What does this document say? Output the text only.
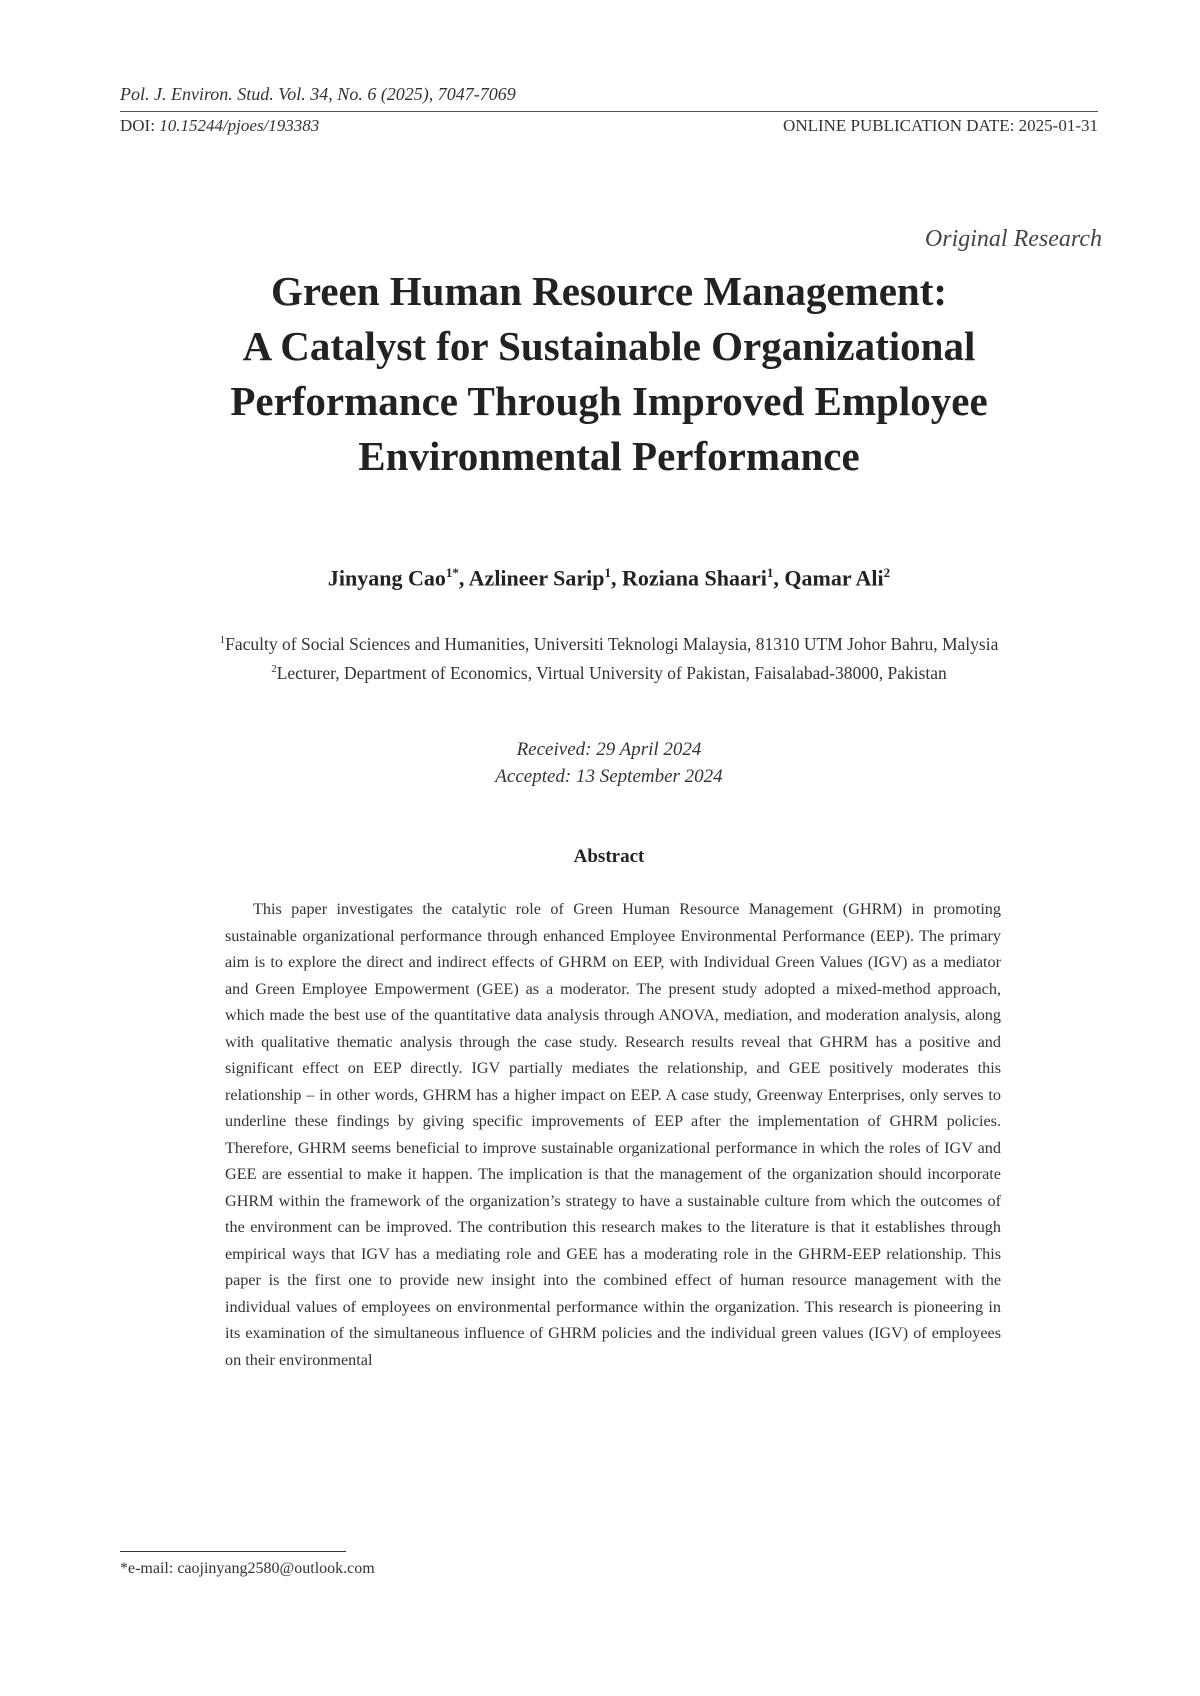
Pol. J. Environ. Stud. Vol. 34, No. 6 (2025), 7047-7069
DOI: 10.15244/pjoes/193383	ONLINE PUBLICATION DATE: 2025-01-31
Original Research
Green Human Resource Management:
A Catalyst for Sustainable Organizational
Performance Through Improved Employee
Environmental Performance
Jinyang Cao$^{1*}$, Azlineer Sarip$^1$, Roziana Shaari$^1$, Qamar Ali$^2$
$^1$Faculty of Social Sciences and Humanities, Universiti Teknologi Malaysia, 81310 UTM Johor Bahru, Malysia
$^2$Lecturer, Department of Economics, Virtual University of Pakistan, Faisalabad-38000, Pakistan
Received: 29 April 2024
Accepted: 13 September 2024
Abstract

This paper investigates the catalytic role of Green Human Resource Management (GHRM) in promoting sustainable organizational performance through enhanced Employee Environmental Performance (EEP). The primary aim is to explore the direct and indirect effects of GHRM on EEP, with Individual Green Values (IGV) as a mediator and Green Employee Empowerment (GEE) as a moderator. The present study adopted a mixed-method approach, which made the best use of the quantitative data analysis through ANOVA, mediation, and moderation analysis, along with qualitative thematic analysis through the case study. Research results reveal that GHRM has a positive and significant effect on EEP directly. IGV partially mediates the relationship, and GEE positively moderates this relationship – in other words, GHRM has a higher impact on EEP. A case study, Greenway Enterprises, only serves to underline these findings by giving specific improvements of EEP after the implementation of GHRM policies. Therefore, GHRM seems beneficial to improve sustainable organizational performance in which the roles of IGV and GEE are essential to make it happen. The implication is that the management of the organization should incorporate GHRM within the framework of the organization’s strategy to have a sustainable culture from which the outcomes of the environment can be improved. The contribution this research makes to the literature is that it establishes through empirical ways that IGV has a mediating role and GEE has a moderating role in the GHRM-EEP relationship. This paper is the first one to provide new insight into the combined effect of human resource management with the individual values of employees on environmental performance within the organization. This research is pioneering in its examination of the simultaneous influence of GHRM policies and the individual green values (IGV) of employees on their environmental

*e-mail: caojinyang2580@outlook.com
